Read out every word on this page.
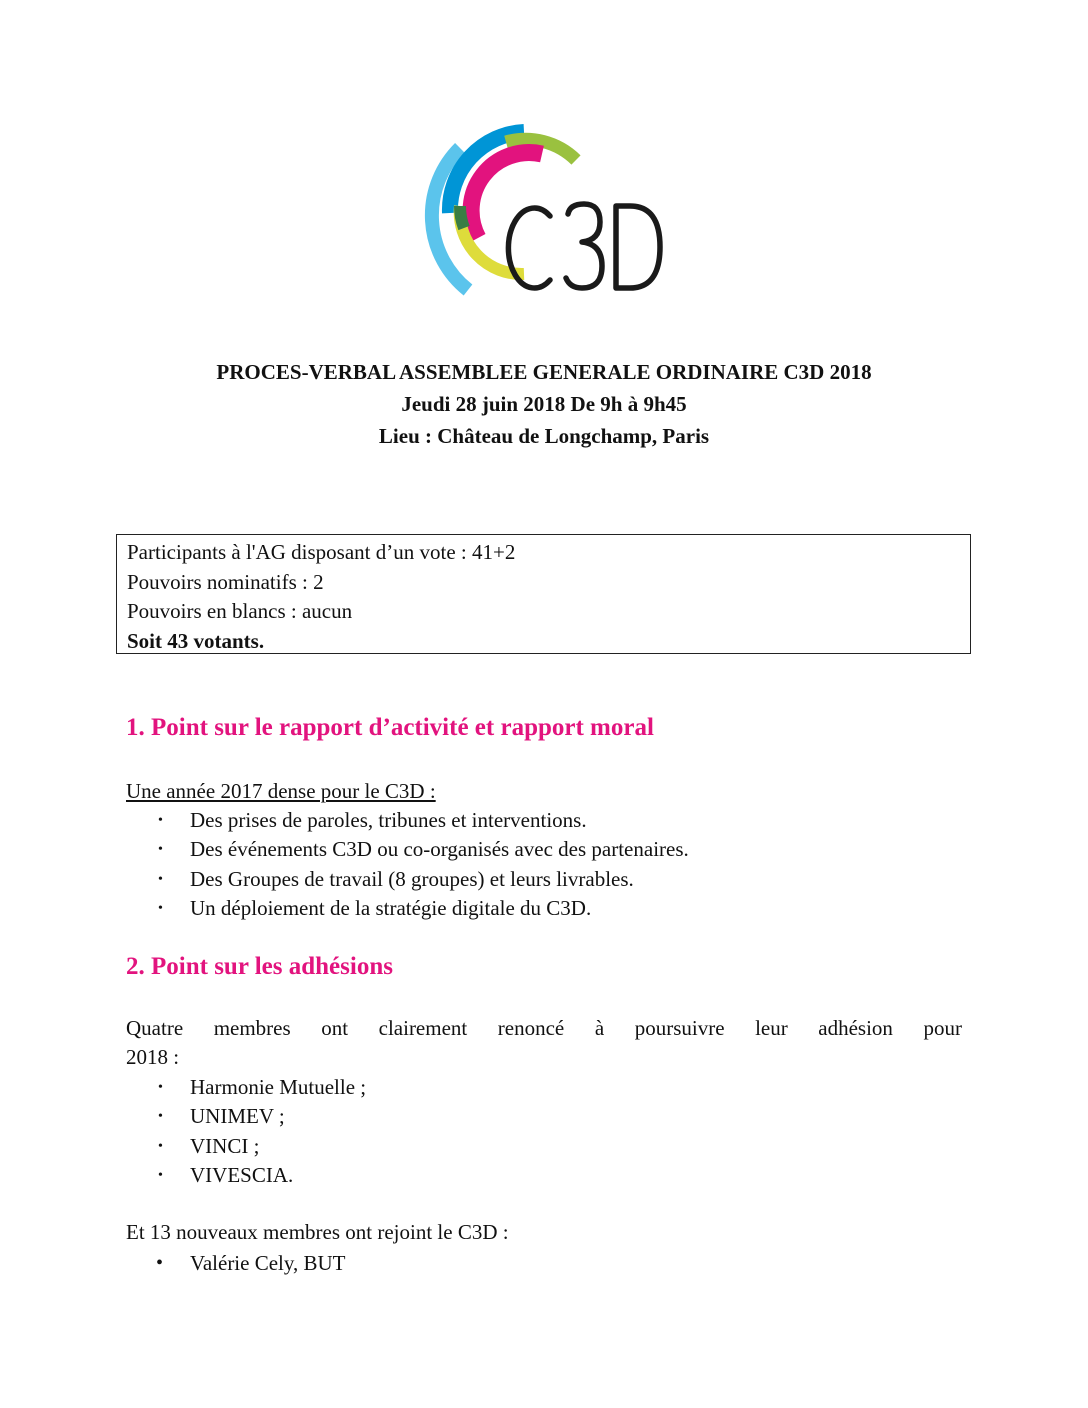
PROCES-VERBAL ASSEMBLEE GENERALE ORDINAIRE C3D 2018
Jeudi 28 juin 2018 De 9h à 9h45
Lieu : Château de Longchamp, Paris
Participants à l'AG disposant d’un vote : 41+2
Pouvoirs nominatifs : 2
Pouvoirs en blancs : aucun
Soit 43 votants.
1. Point sur le rapport d’activité et rapport moral
Une année 2017 dense pour le C3D :
• Des prises de paroles, tribunes et interventions.
• Des événements C3D ou co-organisés avec des partenaires.
• Des Groupes de travail (8 groupes) et leurs livrables.
• Un déploiement de la stratégie digitale du C3D.
2. Point sur les adhésions
Quatre membres ont clairement renoncé à poursuivre leur adhésion pour
2018 :
• Harmonie Mutuelle ;
• UNIMEV ;
• VINCI ;
• VIVESCIA.
Et 13 nouveaux membres ont rejoint le C3D :
• Valérie Cely, BUT
